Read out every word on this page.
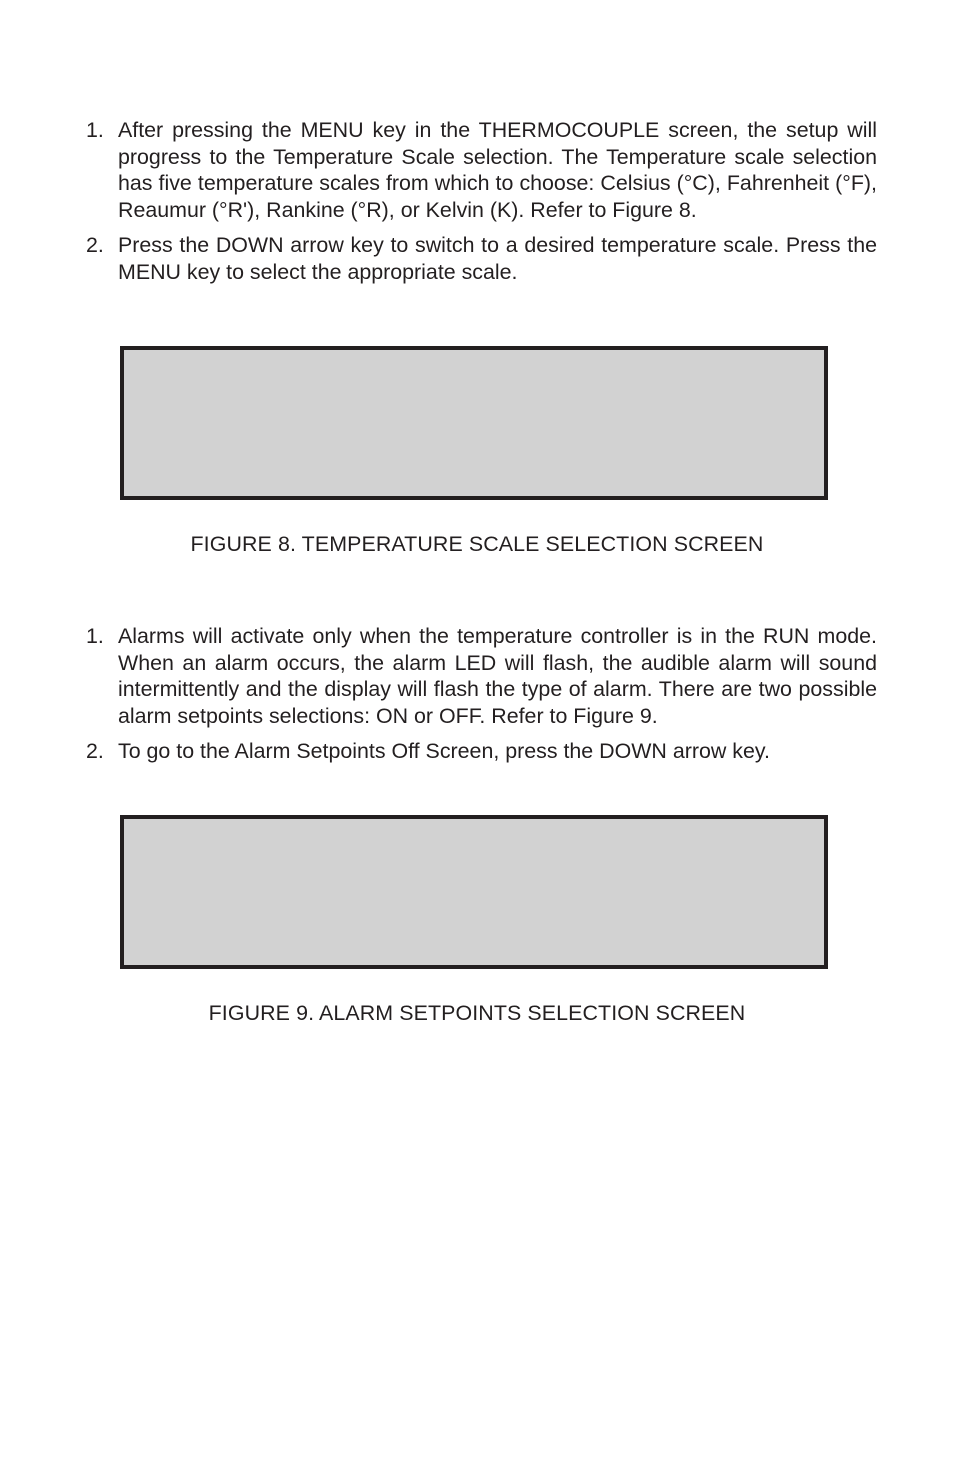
1. After pressing the MENU key in the THERMOCOUPLE screen, the setup will progress to the Temperature Scale selection. The Temperature scale selection has five temperature scales from which to choose: Celsius (°C), Fahrenheit (°F), Reaumur (°R'), Rankine (°R), or Kelvin (K). Refer to Figure 8.
2. Press the DOWN arrow key to switch to a desired temperature scale. Press the MENU key to select the appropriate scale.
FIGURE 8. TEMPERATURE SCALE SELECTION SCREEN
1. Alarms will activate only when the temperature controller is in the RUN mode. When an alarm occurs, the alarm LED will flash, the audible alarm will sound intermittently and the display will flash the type of alarm. There are two possible alarm setpoints selections: ON or OFF. Refer to Figure 9.
2. To go to the Alarm Setpoints Off Screen, press the DOWN arrow key.
FIGURE 9. ALARM SETPOINTS SELECTION SCREEN
